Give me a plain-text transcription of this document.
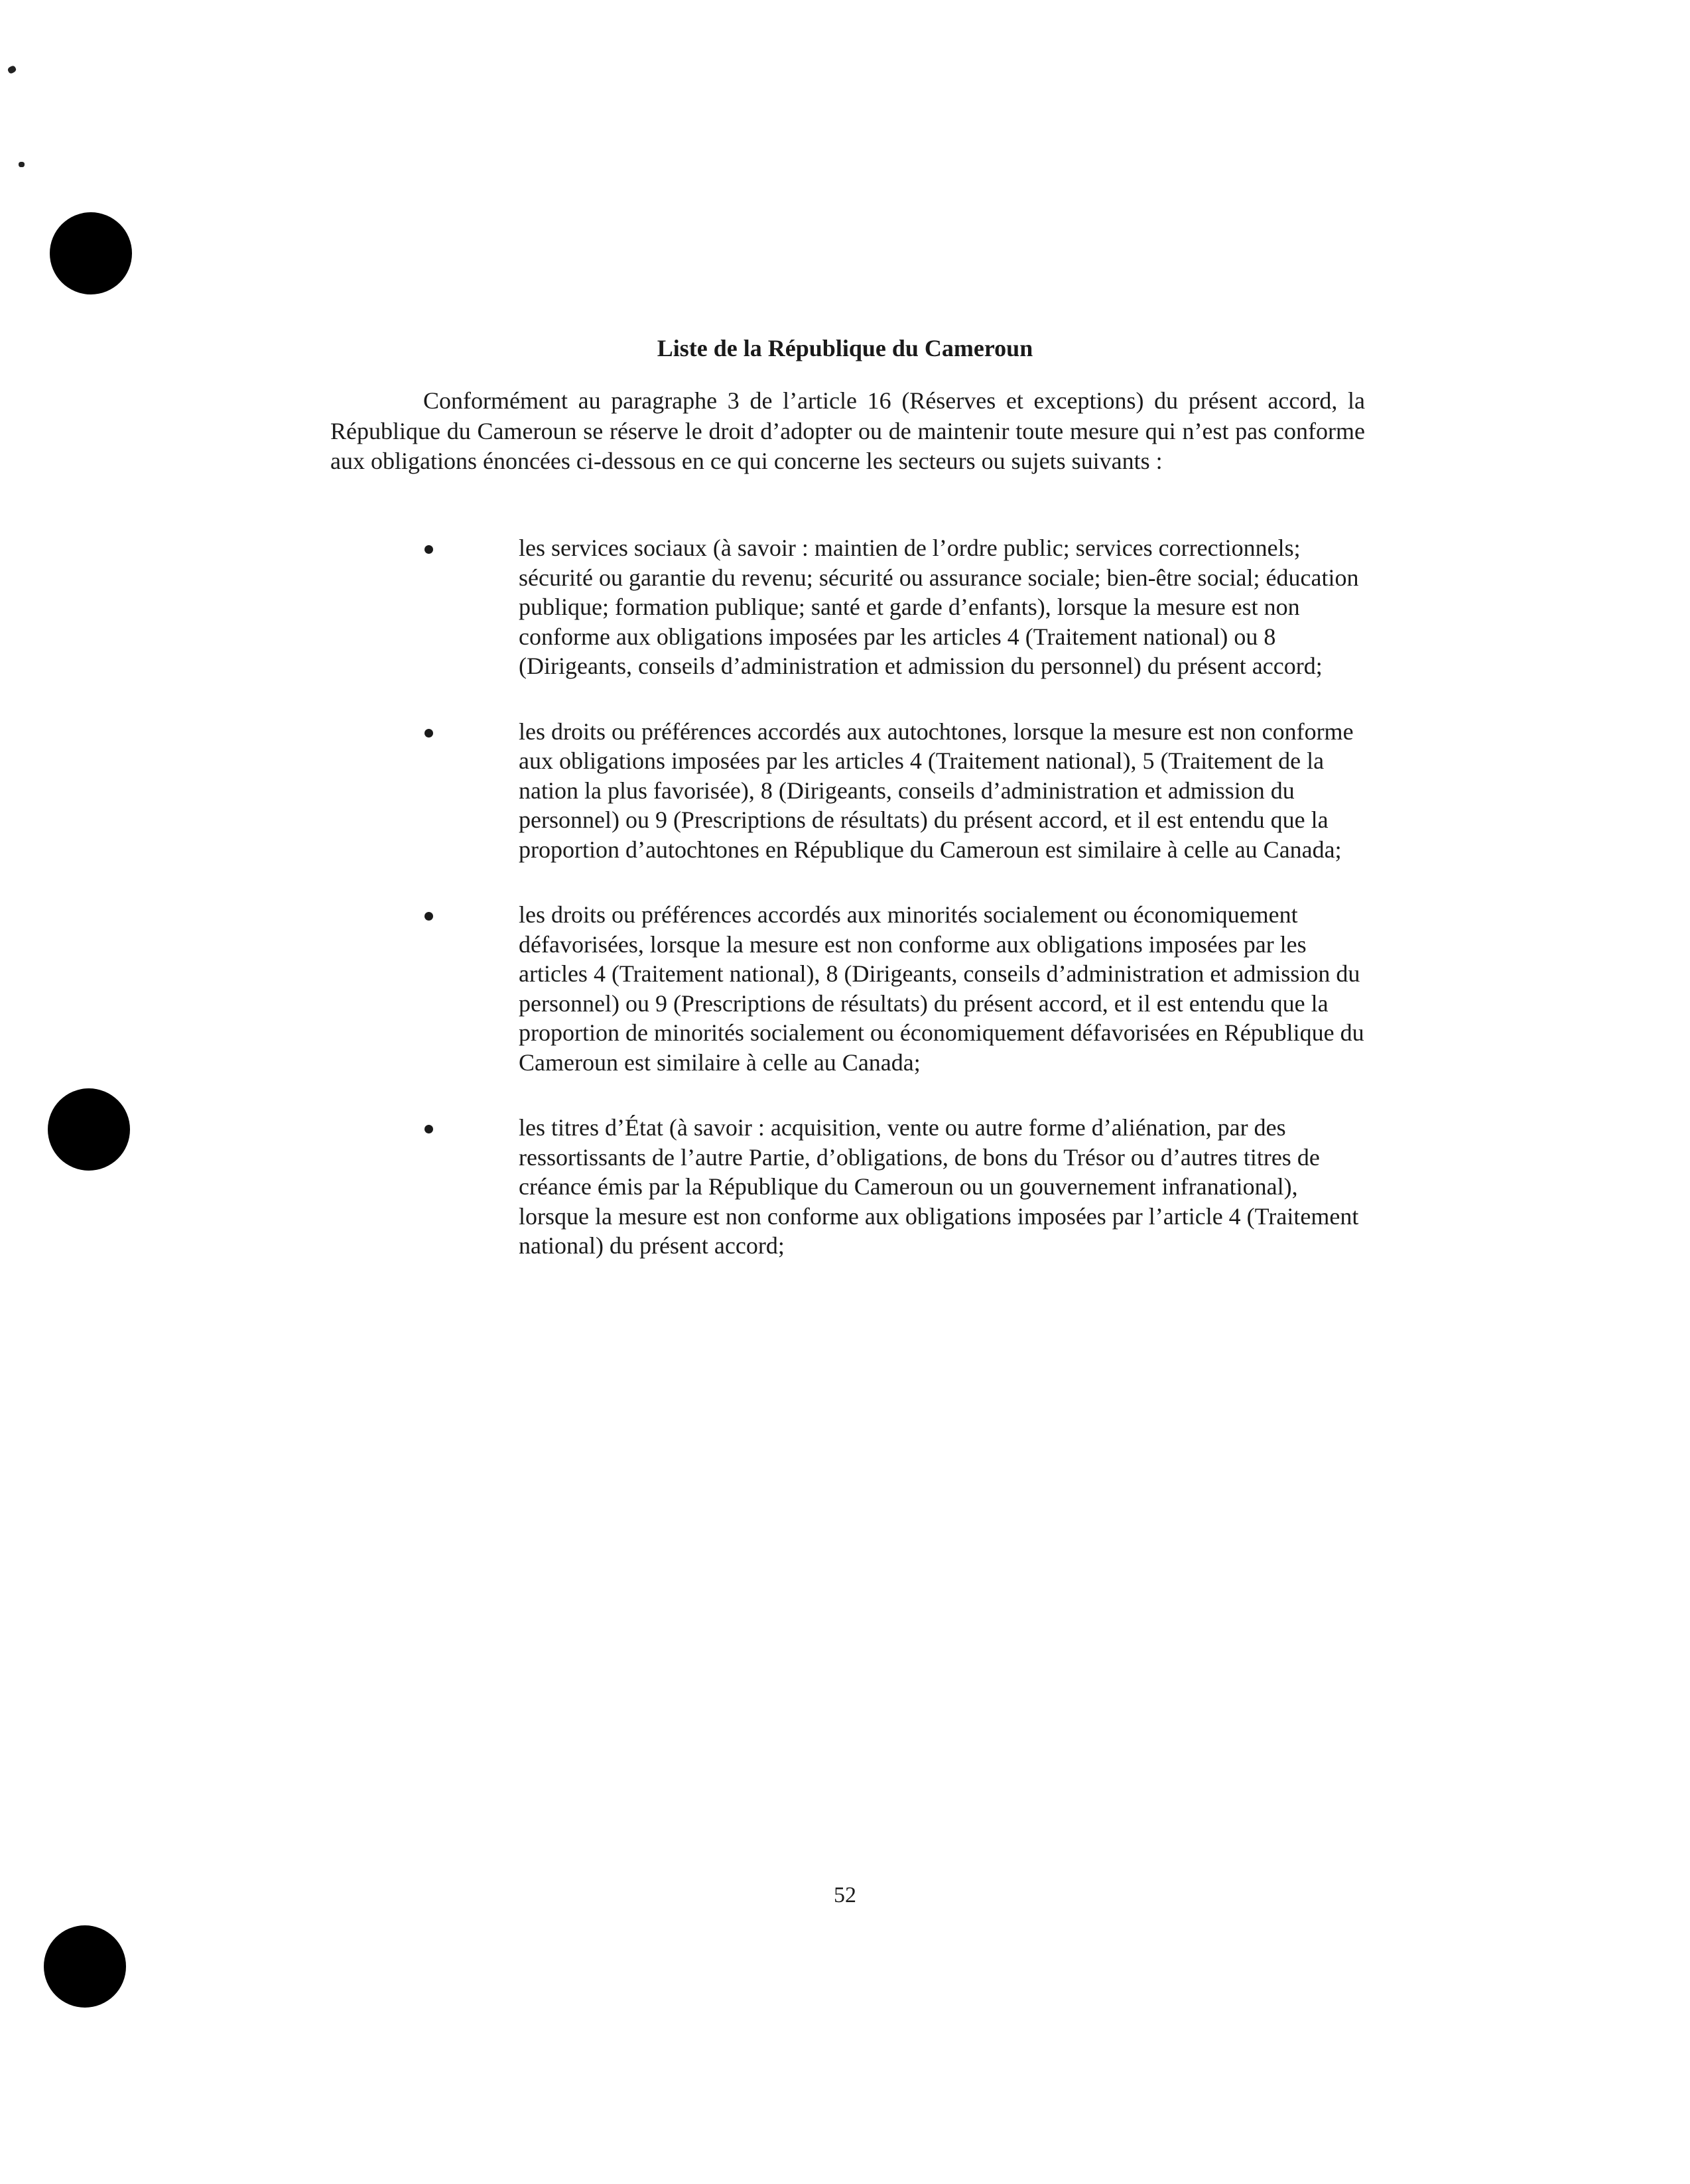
Liste de la République du Cameroun

Conformément au paragraphe 3 de l’article 16 (Réserves et exceptions) du présent accord, la République du Cameroun se réserve le droit d’adopter ou de maintenir toute mesure qui n’est pas conforme aux obligations énoncées ci-dessous en ce qui concerne les secteurs ou sujets suivants :

les services sociaux (à savoir : maintien de l’ordre public; services correctionnels; sécurité ou garantie du revenu; sécurité ou assurance sociale; bien-être social; éducation publique; formation publique; santé et garde d’enfants), lorsque la mesure est non conforme aux obligations imposées par les articles 4 (Traitement national) ou 8 (Dirigeants, conseils d’administration et admission du personnel) du présent accord;
les droits ou préférences accordés aux autochtones, lorsque la mesure est non conforme aux obligations imposées par les articles 4 (Traitement national), 5 (Traitement de la nation la plus favorisée), 8 (Dirigeants, conseils d’administration et admission du personnel) ou 9 (Prescriptions de résultats) du présent accord, et il est entendu que la proportion d’autochtones en République du Cameroun est similaire à celle au Canada;
les droits ou préférences accordés aux minorités socialement ou économiquement défavorisées, lorsque la mesure est non conforme aux obligations imposées par les articles 4 (Traitement national), 8 (Dirigeants, conseils d’administration et admission du personnel) ou 9 (Prescriptions de résultats) du présent accord, et il est entendu que la proportion de minorités socialement ou économiquement défavorisées en République du Cameroun est similaire à celle au Canada;
les titres d’État (à savoir : acquisition, vente ou autre forme d’aliénation, par des ressortissants de l’autre Partie, d’obligations, de bons du Trésor ou d’autres titres de créance émis par la République du Cameroun ou un gouvernement infranational), lorsque la mesure est non conforme aux obligations imposées par l’article 4 (Traitement national) du présent accord;

52
